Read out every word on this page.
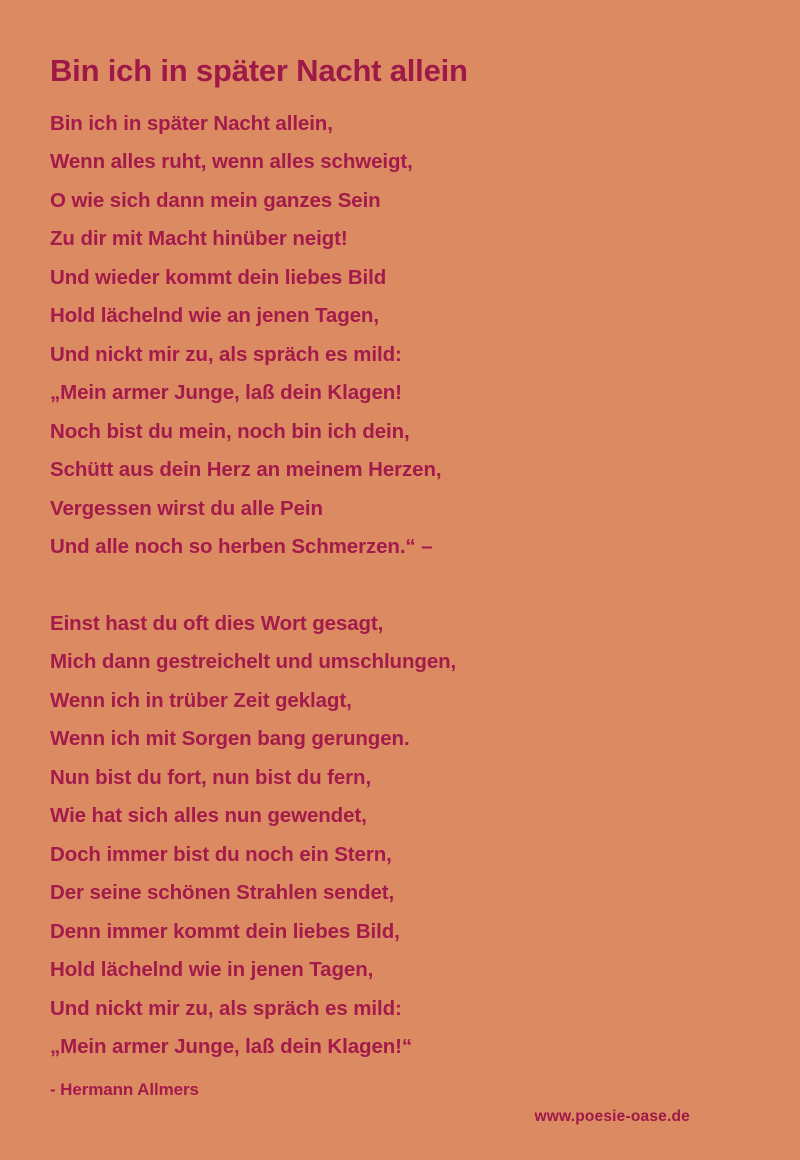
Bin ich in später Nacht allein
Bin ich in später Nacht allein,
Wenn alles ruht, wenn alles schweigt,
O wie sich dann mein ganzes Sein
Zu dir mit Macht hinüber neigt!
Und wieder kommt dein liebes Bild
Hold lächelnd wie an jenen Tagen,
Und nickt mir zu, als spräch es mild:
„Mein armer Junge, laß dein Klagen!
Noch bist du mein, noch bin ich dein,
Schütt aus dein Herz an meinem Herzen,
Vergessen wirst du alle Pein
Und alle noch so herben Schmerzen.“ –
Einst hast du oft dies Wort gesagt,
Mich dann gestreichelt und umschlungen,
Wenn ich in trüber Zeit geklagt,
Wenn ich mit Sorgen bang gerungen.
Nun bist du fort, nun bist du fern,
Wie hat sich alles nun gewendet,
Doch immer bist du noch ein Stern,
Der seine schönen Strahlen sendet,
Denn immer kommt dein liebes Bild,
Hold lächelnd wie in jenen Tagen,
Und nickt mir zu, als spräch es mild:
„Mein armer Junge, laß dein Klagen!“
- Hermann Allmers
www.poesie-oase.de
